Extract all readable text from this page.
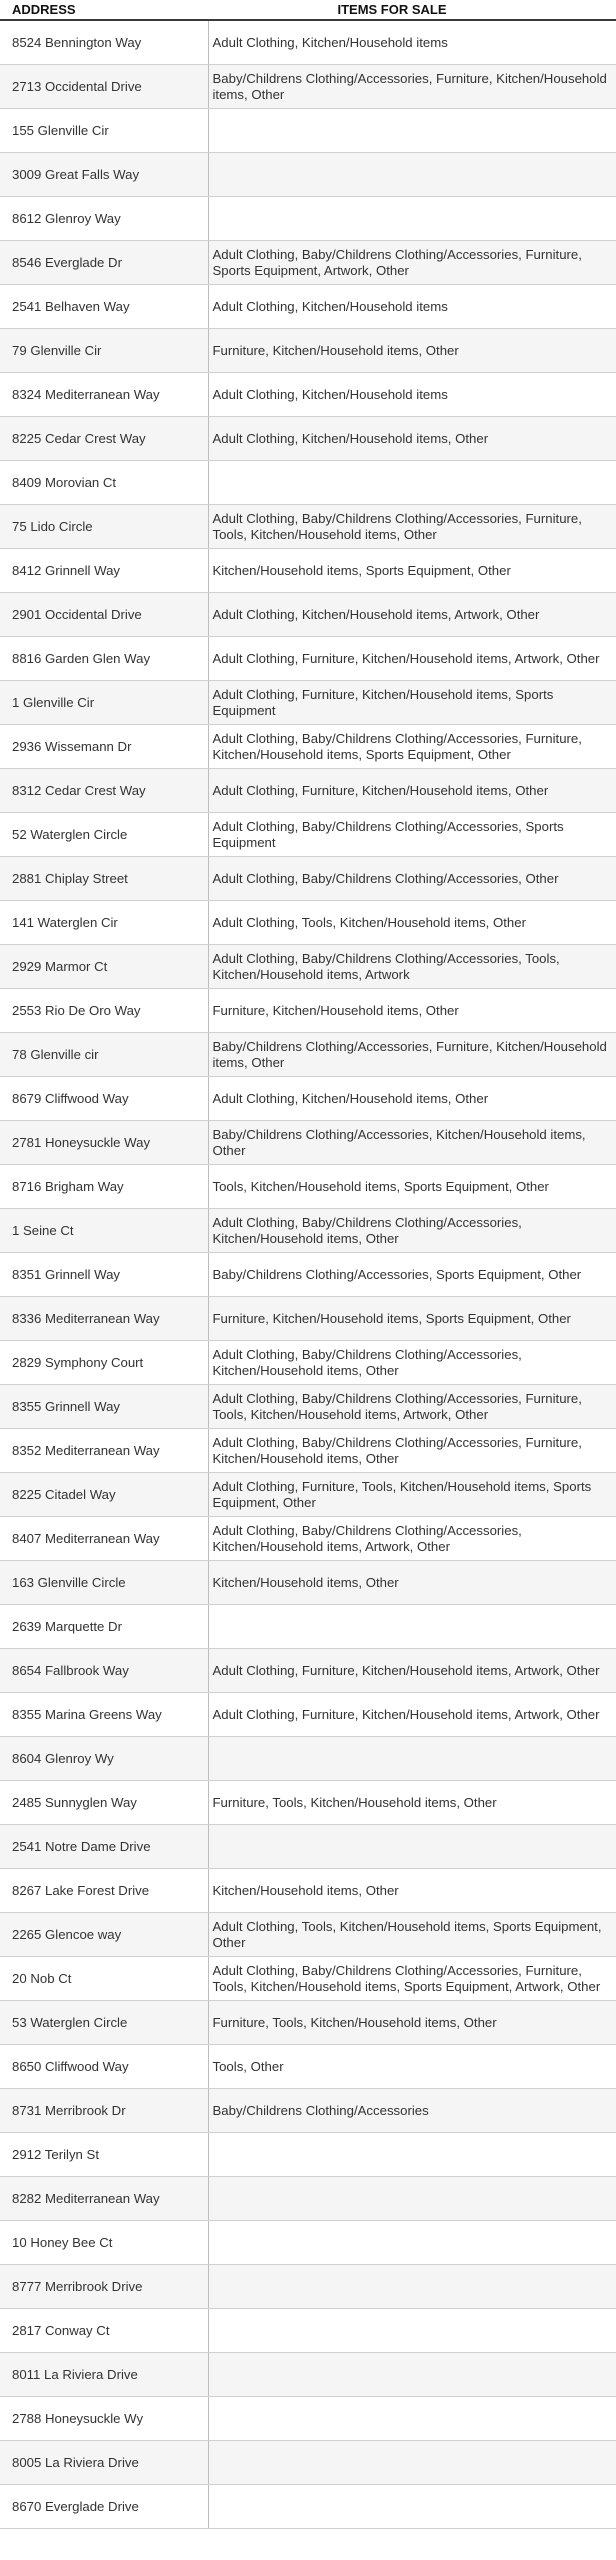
ADDRESS	ITEMS FOR SALE
8524 Bennington Way	Adult Clothing, Kitchen/Household items
2713 Occidental Drive	Baby/Childrens Clothing/Accessories, Furniture, Kitchen/Household items, Other
155 Glenville Cir	
3009 Great Falls Way	
8612 Glenroy Way	
8546 Everglade Dr	Adult Clothing, Baby/Childrens Clothing/Accessories, Furniture, Sports Equipment, Artwork, Other
2541 Belhaven Way	Adult Clothing, Kitchen/Household items
79 Glenville Cir	Furniture, Kitchen/Household items, Other
8324 Mediterranean Way	Adult Clothing, Kitchen/Household items
8225 Cedar Crest Way	Adult Clothing, Kitchen/Household items, Other
8409 Morovian Ct	
75 Lido Circle	Adult Clothing, Baby/Childrens Clothing/Accessories, Furniture, Tools, Kitchen/Household items, Other
8412 Grinnell Way	Kitchen/Household items, Sports Equipment, Other
2901 Occidental Drive	Adult Clothing, Kitchen/Household items, Artwork, Other
8816 Garden Glen Way	Adult Clothing, Furniture, Kitchen/Household items, Artwork, Other
1 Glenville Cir	Adult Clothing, Furniture, Kitchen/Household items, Sports Equipment
2936 Wissemann Dr	Adult Clothing, Baby/Childrens Clothing/Accessories, Furniture, Kitchen/Household items, Sports Equipment, Other
8312 Cedar Crest Way	Adult Clothing, Furniture, Kitchen/Household items, Other
52 Waterglen Circle	Adult Clothing, Baby/Childrens Clothing/Accessories, Sports Equipment
2881 Chiplay Street	Adult Clothing, Baby/Childrens Clothing/Accessories, Other
141 Waterglen Cir	Adult Clothing, Tools, Kitchen/Household items, Other
2929 Marmor Ct	Adult Clothing, Baby/Childrens Clothing/Accessories, Tools, Kitchen/Household items, Artwork
2553 Rio De Oro Way	Furniture, Kitchen/Household items, Other
78 Glenville cir	Baby/Childrens Clothing/Accessories, Furniture, Kitchen/Household items, Other
8679 Cliffwood Way	Adult Clothing, Kitchen/Household items, Other
2781 Honeysuckle Way	Baby/Childrens Clothing/Accessories, Kitchen/Household items, Other
8716 Brigham Way	Tools, Kitchen/Household items, Sports Equipment, Other
1 Seine Ct	Adult Clothing, Baby/Childrens Clothing/Accessories, Kitchen/Household items, Other
8351 Grinnell Way	Baby/Childrens Clothing/Accessories, Sports Equipment, Other
8336 Mediterranean Way	Furniture, Kitchen/Household items, Sports Equipment, Other
2829 Symphony Court	Adult Clothing, Baby/Childrens Clothing/Accessories, Kitchen/Household items, Other
8355 Grinnell Way	Adult Clothing, Baby/Childrens Clothing/Accessories, Furniture, Tools, Kitchen/Household items, Artwork, Other
8352 Mediterranean Way	Adult Clothing, Baby/Childrens Clothing/Accessories, Furniture, Kitchen/Household items, Other
8225 Citadel Way	Adult Clothing, Furniture, Tools, Kitchen/Household items, Sports Equipment, Other
8407 Mediterranean Way	Adult Clothing, Baby/Childrens Clothing/Accessories, Kitchen/Household items, Artwork, Other
163 Glenville Circle	Kitchen/Household items, Other
2639 Marquette Dr	
8654 Fallbrook Way	Adult Clothing, Furniture, Kitchen/Household items, Artwork, Other
8355 Marina Greens Way	Adult Clothing, Furniture, Kitchen/Household items, Artwork, Other
8604 Glenroy Wy	
2485 Sunnyglen Way	Furniture, Tools, Kitchen/Household items, Other
2541 Notre Dame Drive	
8267 Lake Forest Drive	Kitchen/Household items, Other
2265 Glencoe way	Adult Clothing, Tools, Kitchen/Household items, Sports Equipment, Other
20 Nob Ct	Adult Clothing, Baby/Childrens Clothing/Accessories, Furniture, Tools, Kitchen/Household items, Sports Equipment, Artwork, Other
53 Waterglen Circle	Furniture, Tools, Kitchen/Household items, Other
8650 Cliffwood Way	Tools, Other
8731 Merribrook Dr	Baby/Childrens Clothing/Accessories
2912 Terilyn St	
8282 Mediterranean Way	
10 Honey Bee Ct	
8777 Merribrook Drive	
2817 Conway Ct	
8011 La Riviera Drive	
2788 Honeysuckle Wy	
8005 La Riviera Drive	
8670 Everglade Drive	
